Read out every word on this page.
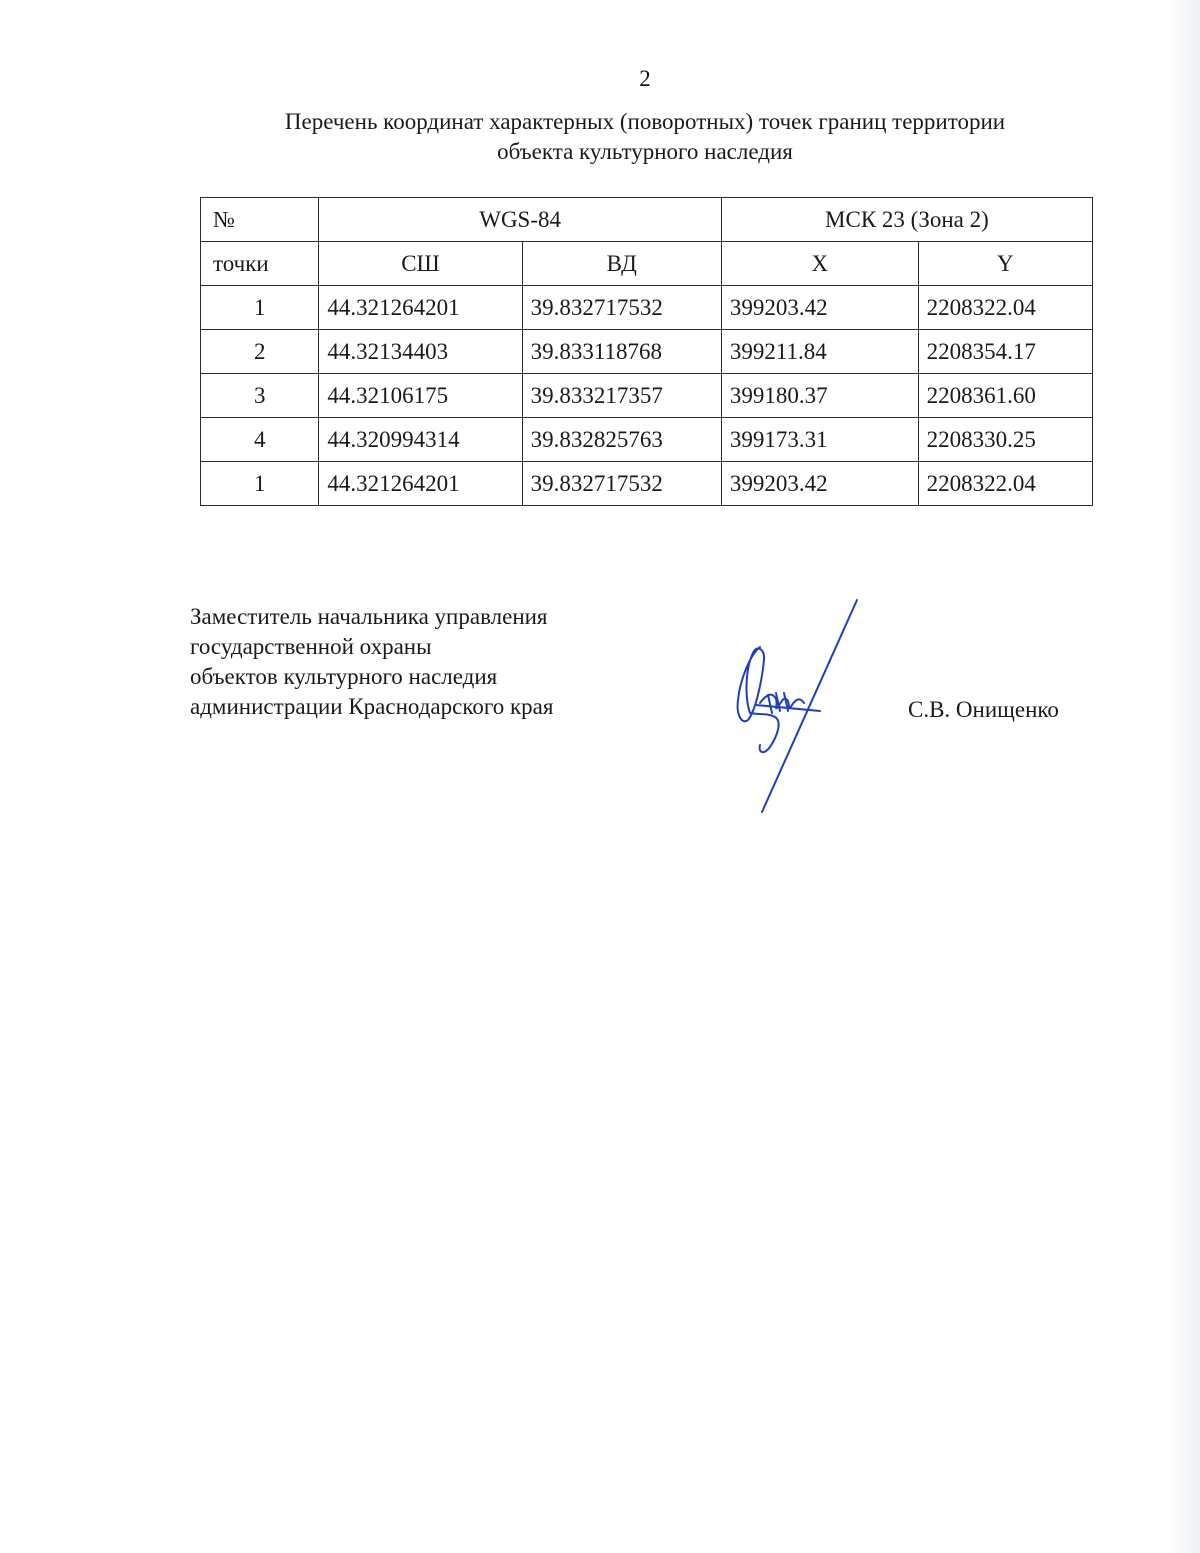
2
Перечень координат характерных (поворотных) точек границ территории
объекта культурного наследия
№	WGS-84		МСК 23 (Зона 2)	
точки	СШ	ВД	X	Y
1	44.321264201	39.832717532	399203.42	2208322.04
2	44.32134403	39.833118768	399211.84	2208354.17
3	44.32106175	39.833217357	399180.37	2208361.60
4	44.320994314	39.832825763	399173.31	2208330.25
1	44.321264201	39.832717532	399203.42	2208322.04
Заместитель начальника управления
государственной охраны
объектов культурного наследия
администрации Краснодарского края	С.В. Онищенко
